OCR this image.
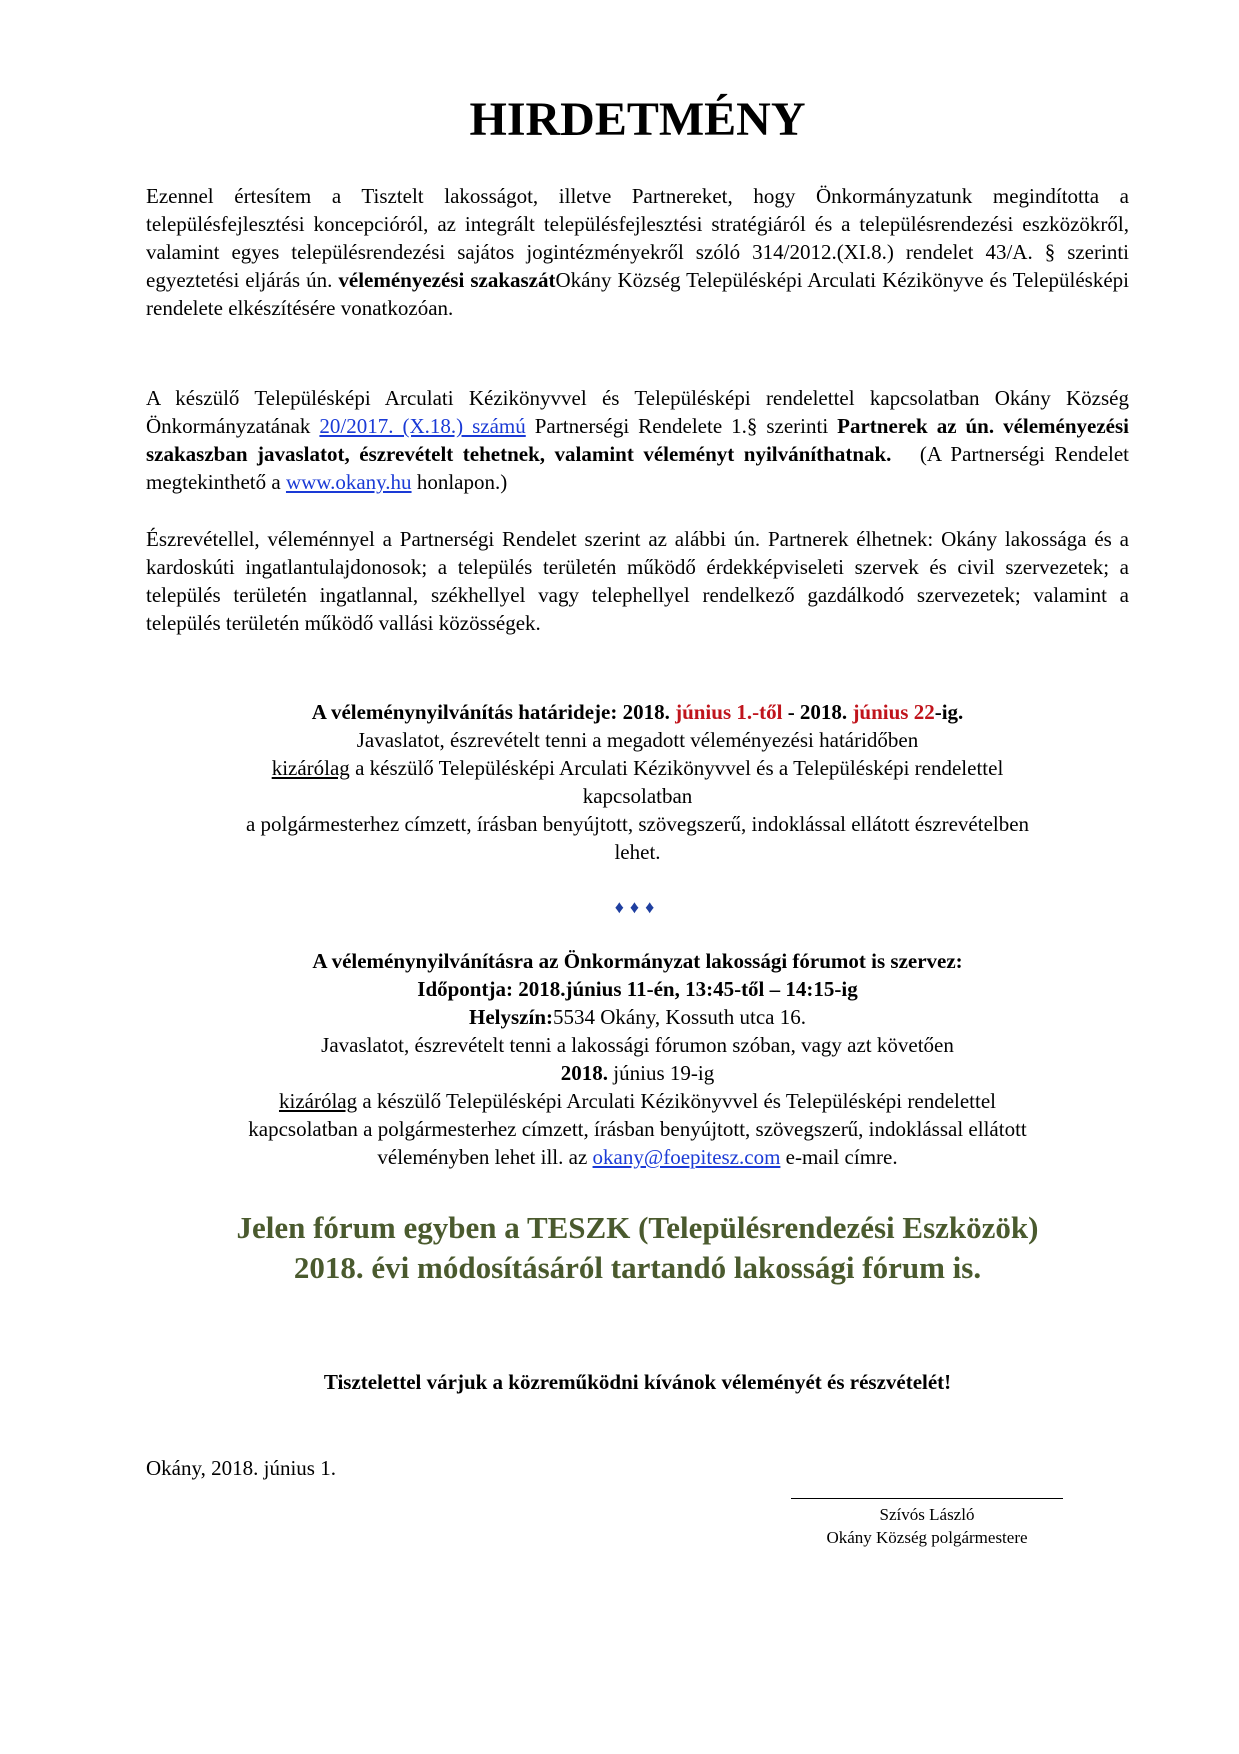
HIRDETMÉNY

Ezennel értesítem a Tisztelt lakosságot, illetve Partnereket, hogy Önkormányzatunk megindította a településfejlesztési koncepcióról, az integrált településfejlesztési stratégiáról és a településrendezési eszközökről, valamint egyes településrendezési sajátos jogintézményekről szóló 314/2012.(XI.8.) rendelet 43/A. § szerinti egyeztetési eljárás ún. véleményezési szakaszátOkány Község Településképi Arculati Kézikönyve és Településképi rendelete elkészítésére vonatkozóan.

A készülő Településképi Arculati Kézikönyvvel és Településképi rendelettel kapcsolatban Okány Község Önkormányzatának 20/2017. (X.18.) számú Partnerségi Rendelete 1.§ szerinti Partnerek az ún. véleményezési szakaszban javaslatot, észrevételt tehetnek, valamint véleményt nyilváníthatnak. (A Partnerségi Rendelet megtekinthető a www.okany.hu honlapon.)

Észrevétellel, véleménnyel a Partnerségi Rendelet szerint az alábbi ún. Partnerek élhetnek: Okány lakossága és a kardoskúti ingatlantulajdonosok; a település területén működő érdekképviseleti szervek és civil szervezetek; a település területén ingatlannal, székhellyel vagy telephellyel rendelkező gazdálkodó szervezetek; valamint a település területén működő vallási közösségek.

A véleménynyilvánítás határideje: 2018. június 1.-től - 2018. június 22-ig.

Javaslatot, észrevételt tenni a megadott véleményezési határidőben

kizárólag a készülő Településképi Arculati Kézikönyvvel és a Településképi rendelettel

kapcsolatban

a polgármesterhez címzett, írásban benyújtott, szövegszerű, indoklással ellátott észrevételben

lehet.

♦♦♦

A véleménynyilvánításra az Önkormányzat lakossági fórumot is szervez:

Időpontja: 2018.június 11-én, 13:45-től – 14:15-ig

Helyszín:5534 Okány, Kossuth utca 16.

Javaslatot, észrevételt tenni a lakossági fórumon szóban, vagy azt követően

2018. június 19-ig

kizárólag a készülő Településképi Arculati Kézikönyvvel és Településképi rendelettel

kapcsolatban a polgármesterhez címzett, írásban benyújtott, szövegszerű, indoklással ellátott

véleményben lehet ill. az okany@foepitesz.com e-mail címre.

Jelen fórum egyben a TESZK (Településrendezési Eszközök)
2018. évi módosításáról tartandó lakossági fórum is.

Tisztelettel várjuk a közreműködni kívánok véleményét és részvételét!

Okány, 2018. június 1.

Szívós László
Okány Község polgármestere
